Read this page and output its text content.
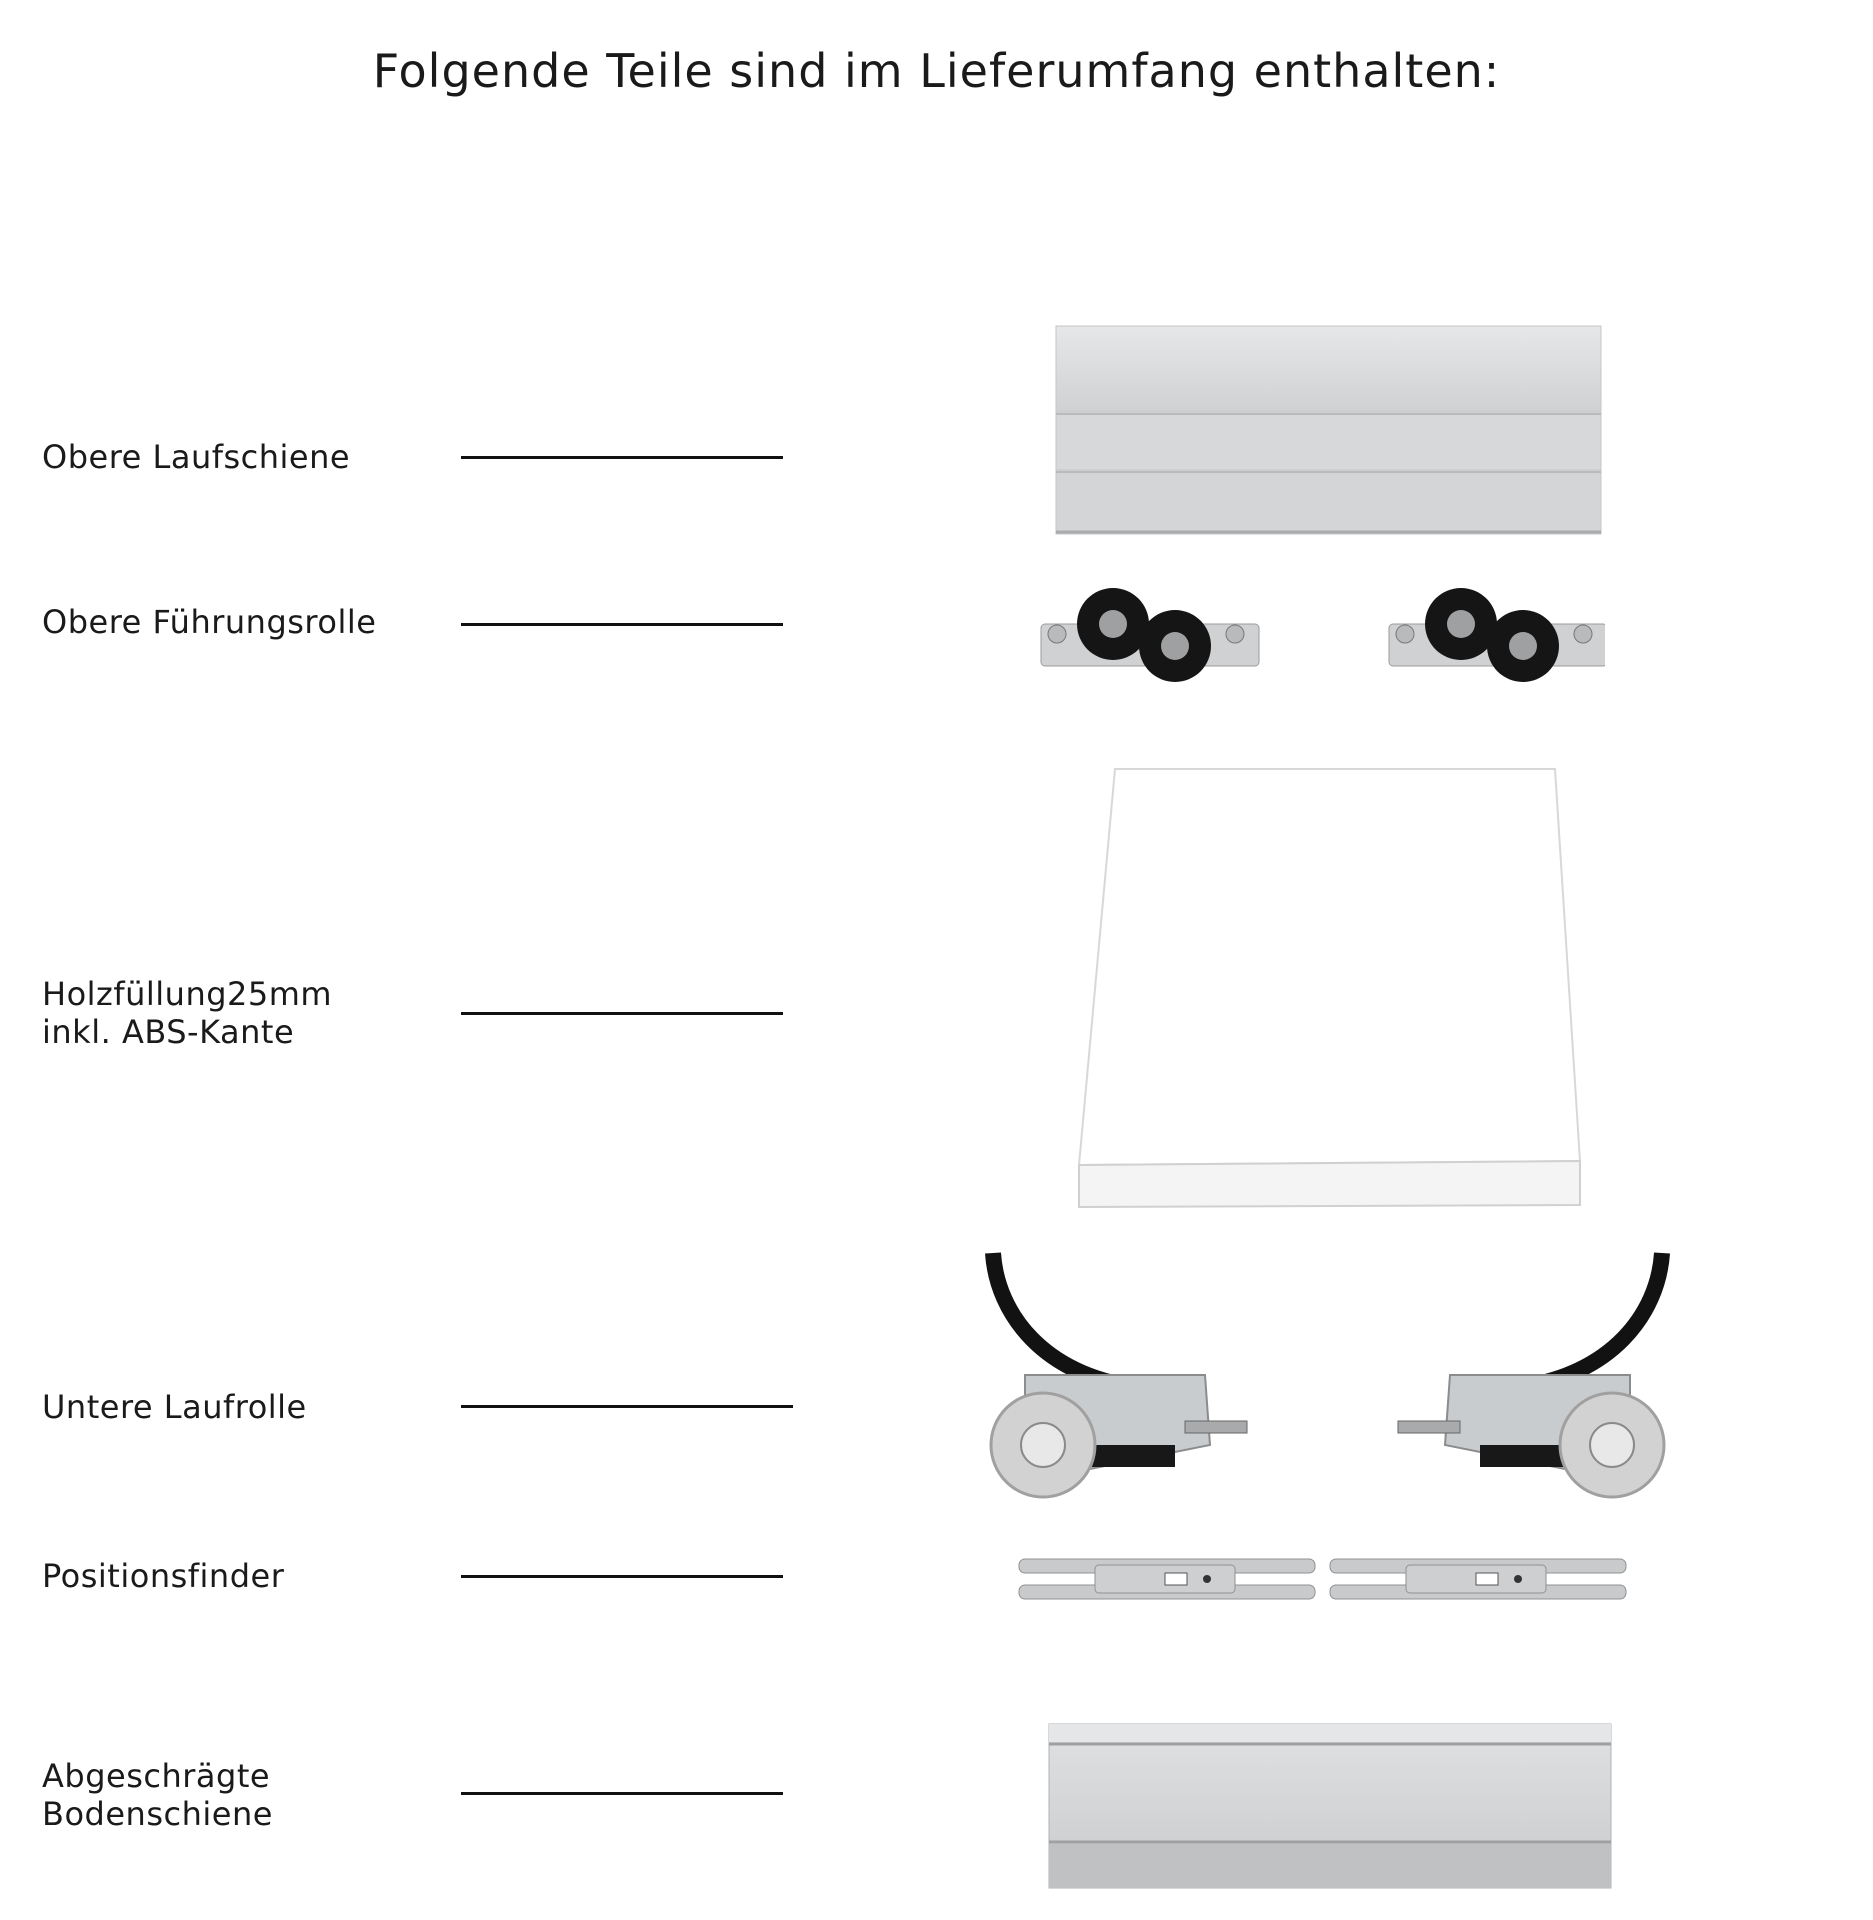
Folgende Teile sind im Lieferumfang enthalten:
Obere Laufschiene
Obere Führungsrolle
Holzfüllung25mm
inkl. ABS-Kante
Untere Laufrolle
Positionsfinder
Abgeschrägte
Bodenschiene
